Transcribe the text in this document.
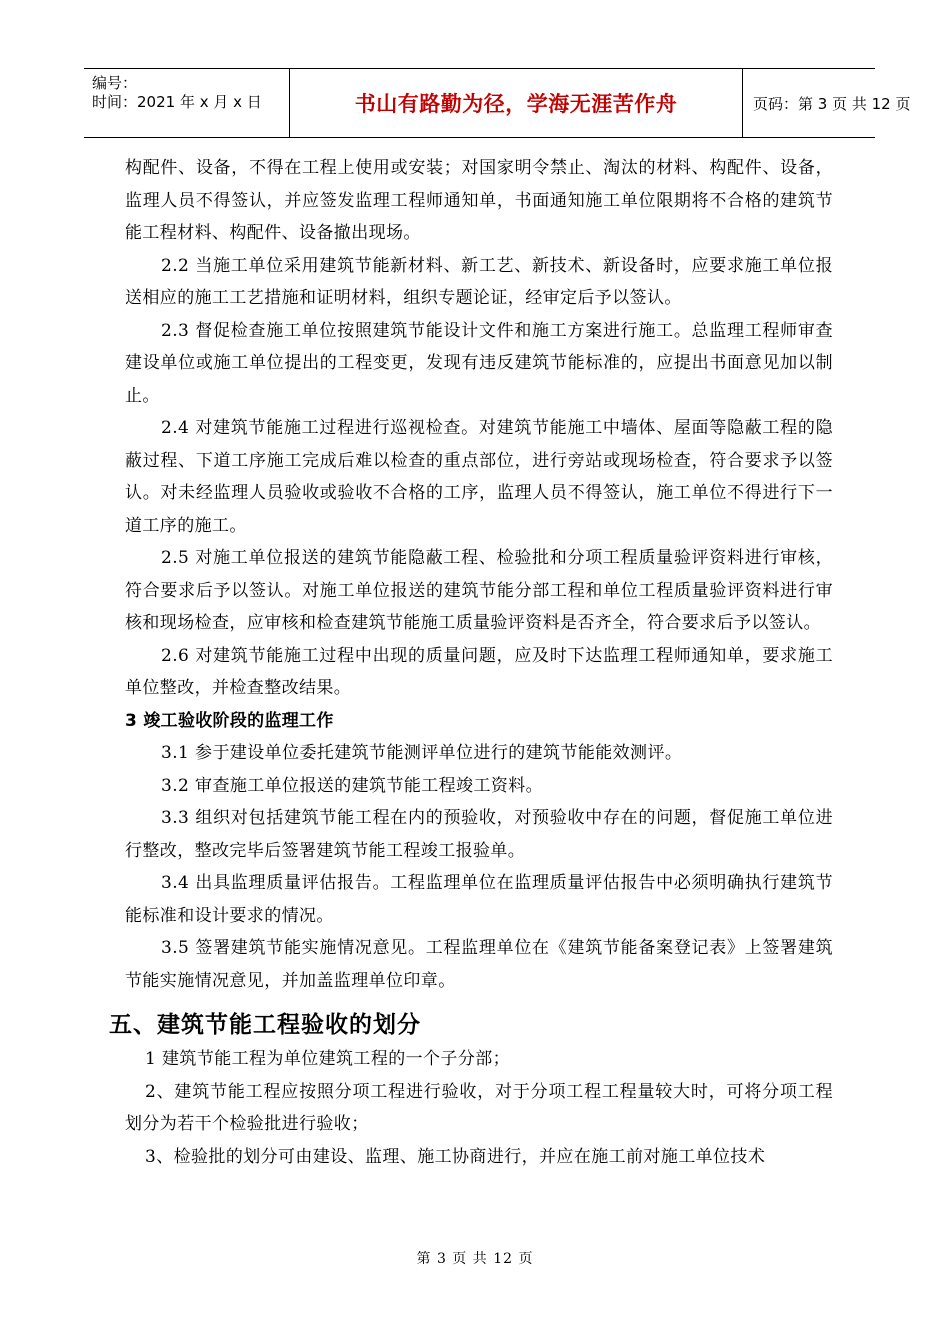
编号：
时间：2021 年 x 月 x 日	书山有路勤为径，学海无涯苦作舟	页码：第 3 页 共 12 页

构配件、设备，不得在工程上使用或安装；对国家明令禁止、淘汰的材料、构配件、设备，监理人员不得签认，并应签发监理工程师通知单，书面通知施工单位限期将不合格的建筑节能工程材料、构配件、设备撤出现场。

2.2 当施工单位采用建筑节能新材料、新工艺、新技术、新设备时，应要求施工单位报送相应的施工工艺措施和证明材料，组织专题论证，经审定后予以签认。

2.3 督促检查施工单位按照建筑节能设计文件和施工方案进行施工。总监理工程师审查建设单位或施工单位提出的工程变更，发现有违反建筑节能标准的，应提出书面意见加以制止。

2.4 对建筑节能施工过程进行巡视检查。对建筑节能施工中墙体、屋面等隐蔽工程的隐蔽过程、下道工序施工完成后难以检查的重点部位，进行旁站或现场检查，符合要求予以签认。对未经监理人员验收或验收不合格的工序，监理人员不得签认，施工单位不得进行下一道工序的施工。

2.5 对施工单位报送的建筑节能隐蔽工程、检验批和分项工程质量验评资料进行审核，符合要求后予以签认。对施工单位报送的建筑节能分部工程和单位工程质量验评资料进行审核和现场检查，应审核和检查建筑节能施工质量验评资料是否齐全，符合要求后予以签认。

2.6 对建筑节能施工过程中出现的质量问题，应及时下达监理工程师通知单，要求施工单位整改，并检查整改结果。

3 竣工验收阶段的监理工作

3.1 参于建设单位委托建筑节能测评单位进行的建筑节能能效测评。

3.2 审查施工单位报送的建筑节能工程竣工资料。

3.3 组织对包括建筑节能工程在内的预验收，对预验收中存在的问题，督促施工单位进行整改，整改完毕后签署建筑节能工程竣工报验单。

3.4 出具监理质量评估报告。工程监理单位在监理质量评估报告中必须明确执行建筑节能标准和设计要求的情况。

3.5 签署建筑节能实施情况意见。工程监理单位在《建筑节能备案登记表》上签署建筑节能实施情况意见，并加盖监理单位印章。

五、建筑节能工程验收的划分

1 建筑节能工程为单位建筑工程的一个子分部；

2、建筑节能工程应按照分项工程进行验收，对于分项工程工程量较大时，可将分项工程划分为若干个检验批进行验收；

3、检验批的划分可由建设、监理、施工协商进行，并应在施工前对施工单位技术

第 3 页 共 12 页
